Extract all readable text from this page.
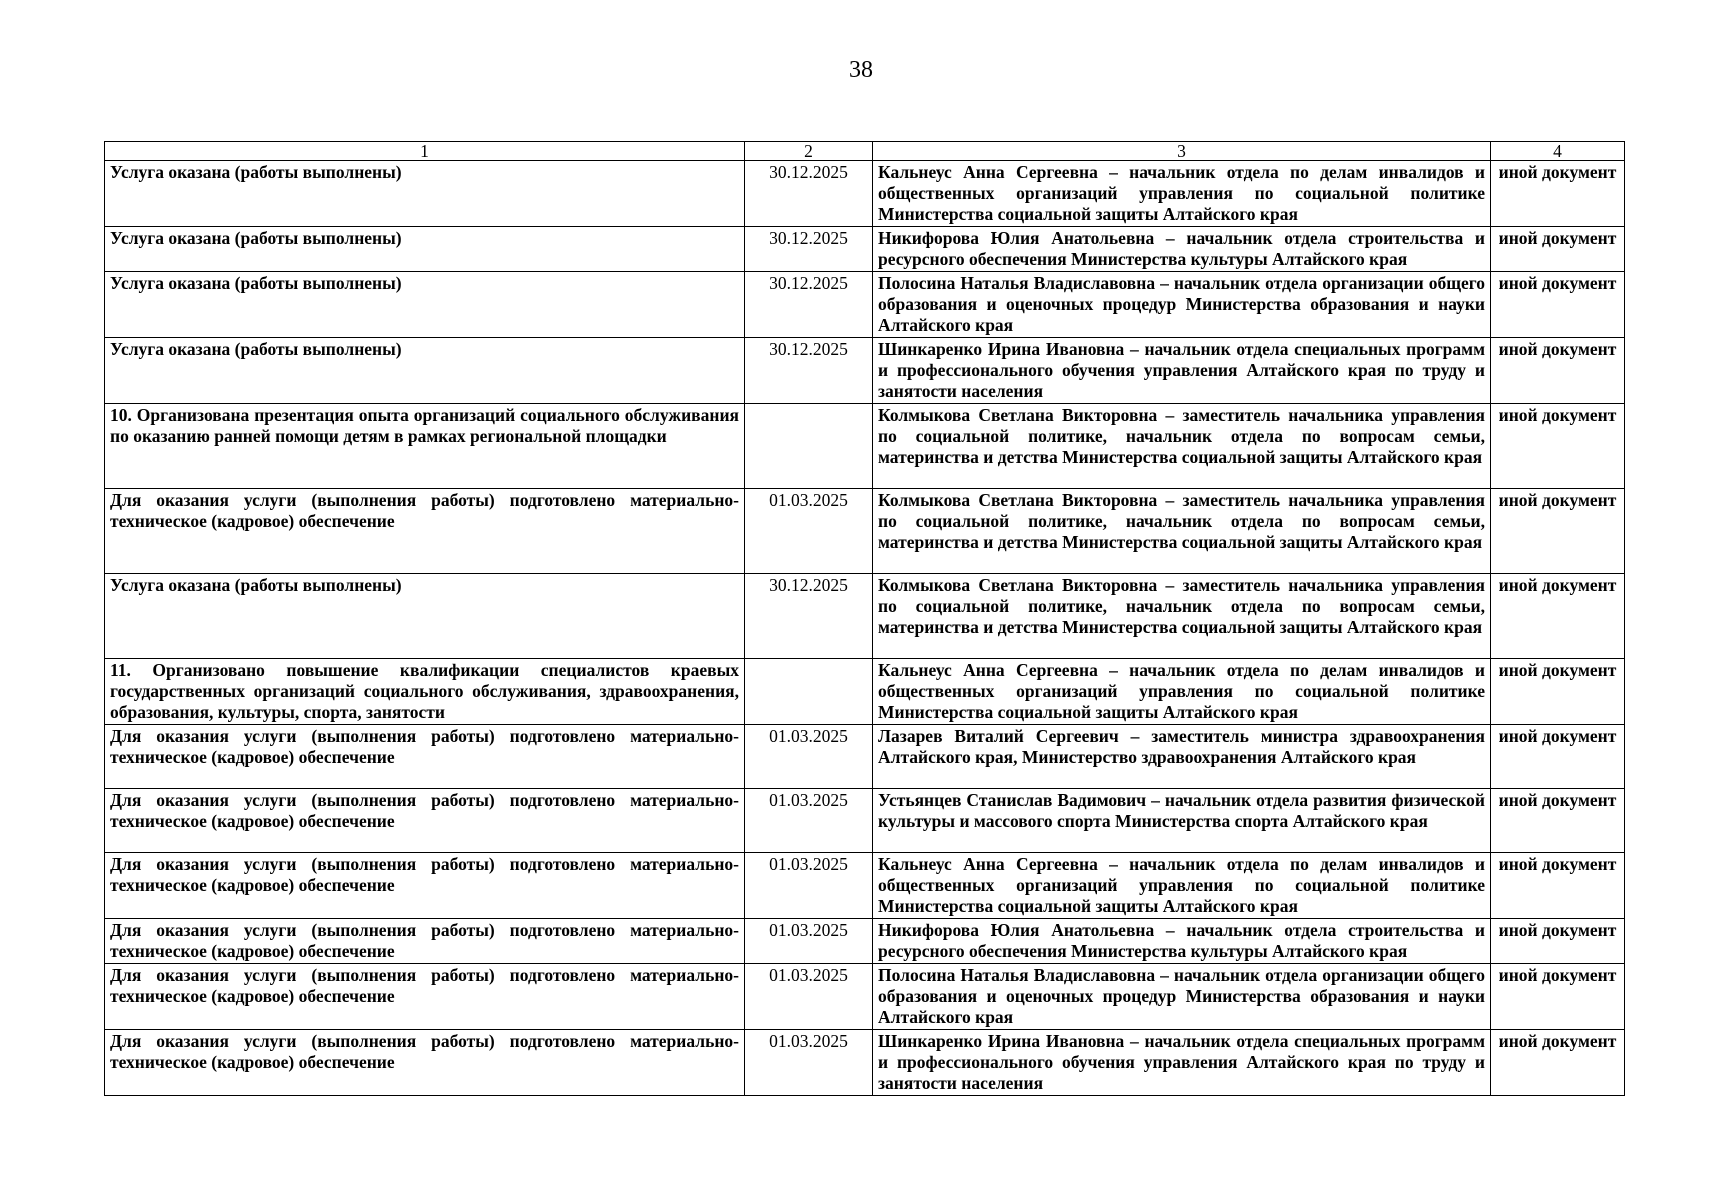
38
1	2	3	4
Услуга оказана (работы выполнены)	30.12.2025	Кальнеус Анна Сергеевна – начальник отдела по делам инвалидов и общественных организаций управления по социальной политике Министерства социальной защиты Алтайского края	иной документ
Услуга оказана (работы выполнены)	30.12.2025	Никифорова Юлия Анатольевна – начальник отдела строительства и ресурсного обеспечения Министерства культуры Алтайского края	иной документ
Услуга оказана (работы выполнены)	30.12.2025	Полосина Наталья Владиславовна – начальник отдела организации общего образования и оценочных процедур Министерства образования и науки Алтайского края	иной документ
Услуга оказана (работы выполнены)	30.12.2025	Шинкаренко Ирина Ивановна – начальник отдела специальных программ и профессионального обучения управления Алтайского края по труду и занятости населения	иной документ
10. Организована презентация опыта организаций социального обслуживания по оказанию ранней помощи детям в рамках региональной площадки		Колмыкова Светлана Викторовна – заместитель начальника управления по социальной политике, начальник отдела по вопросам семьи, материнства и детства Министерства социальной защиты Алтайского края	иной документ
Для оказания услуги (выполнения работы) подготовлено материально-техническое (кадровое) обеспечение	01.03.2025	Колмыкова Светлана Викторовна – заместитель начальника управления по социальной политике, начальник отдела по вопросам семьи, материнства и детства Министерства социальной защиты Алтайского края	иной документ
Услуга оказана (работы выполнены)	30.12.2025	Колмыкова Светлана Викторовна – заместитель начальника управления по социальной политике, начальник отдела по вопросам семьи, материнства и детства Министерства социальной защиты Алтайского края	иной документ
11. Организовано повышение квалификации специалистов краевых государственных организаций социального обслуживания, здравоохранения, образования, культуры, спорта, занятости		Кальнеус Анна Сергеевна – начальник отдела по делам инвалидов и общественных организаций управления по социальной политике Министерства социальной защиты Алтайского края	иной документ
Для оказания услуги (выполнения работы) подготовлено материально-техническое (кадровое) обеспечение	01.03.2025	Лазарев Виталий Сергеевич – заместитель министра здравоохранения Алтайского края, Министерство здравоохранения Алтайского края	иной документ
Для оказания услуги (выполнения работы) подготовлено материально-техническое (кадровое) обеспечение	01.03.2025	Устьянцев Станислав Вадимович – начальник отдела развития физической культуры и массового спорта Министерства спорта Алтайского края	иной документ
Для оказания услуги (выполнения работы) подготовлено материально-техническое (кадровое) обеспечение	01.03.2025	Кальнеус Анна Сергеевна – начальник отдела по делам инвалидов и общественных организаций управления по социальной политике Министерства социальной защиты Алтайского края	иной документ
Для оказания услуги (выполнения работы) подготовлено материально-техническое (кадровое) обеспечение	01.03.2025	Никифорова Юлия Анатольевна – начальник отдела строительства и ресурсного обеспечения Министерства культуры Алтайского края	иной документ
Для оказания услуги (выполнения работы) подготовлено материально-техническое (кадровое) обеспечение	01.03.2025	Полосина Наталья Владиславовна – начальник отдела организации общего образования и оценочных процедур Министерства образования и науки Алтайского края	иной документ
Для оказания услуги (выполнения работы) подготовлено материально-техническое (кадровое) обеспечение	01.03.2025	Шинкаренко Ирина Ивановна – начальник отдела специальных программ и профессионального обучения управления Алтайского края по труду и занятости населения	иной документ
